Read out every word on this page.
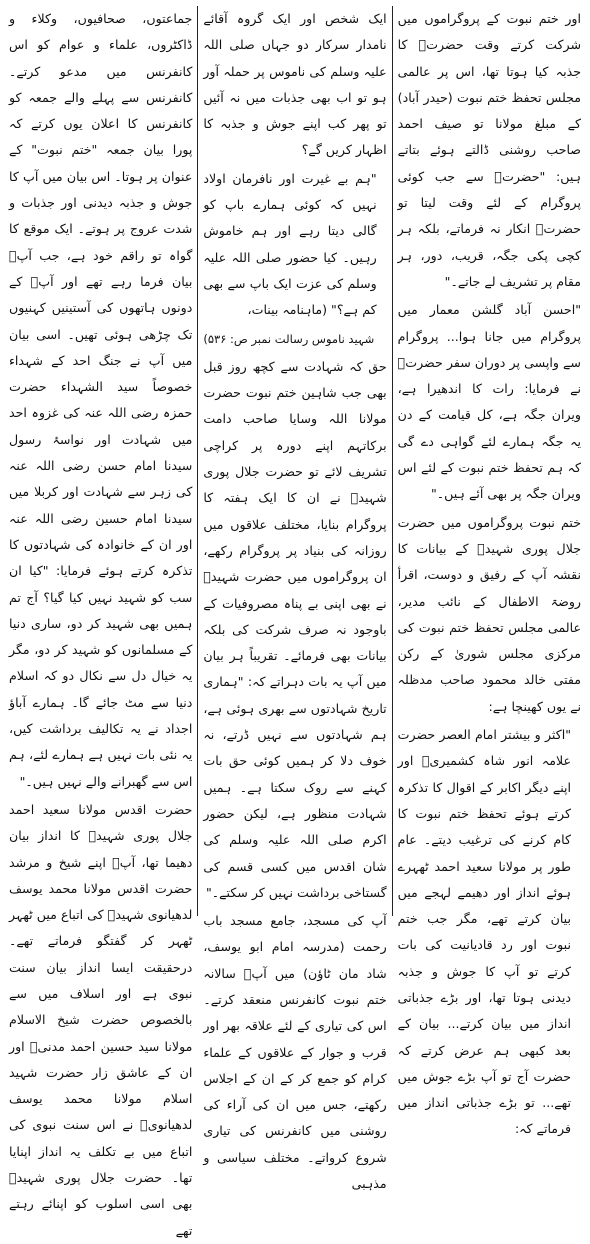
اور ختم نبوت کے پروگراموں میں شرکت کرتے وقت حضرتؒ کا جذبہ کیا ہوتا تھا، اس پر عالمی مجلس تحفظ ختم نبوت (حیدر آباد) کے مبلغ مولانا تو صیف احمد صاحب روشنی ڈالتے ہوئے بتاتے ہیں: "حضرتؒ سے جب کوئی پروگرام کے لئے وقت لیتا تو حضرتؒ انکار نہ فرماتے، بلکہ ہر کچی پکی جگہ، قریب، دور، ہر مقام پر تشریف لے جاتے۔"

"احسن آباد گلشن معمار میں پروگرام میں جانا ہوا... پروگرام سے واپسی پر دوران سفر حضرتؒ نے فرمایا: رات کا اندھیرا ہے، ویران جگہ ہے، کل قیامت کے دن یہ جگہ ہمارے لئے گواہی دے گی کہ ہم تحفظ ختم نبوت کے لئے اس ویران جگہ پر بھی آئے ہیں۔"

ختم نبوت پروگراموں میں حضرت جلال پوری شہیدؒ کے بیانات کا نقشہ آپ کے رفیق و دوست، اقرأ روضۃ الاطفال کے نائب مدیر، عالمی مجلس تحفظ ختم نبوت کی مرکزی مجلس شوریٰ کے رکن مفتی خالد محمود صاحب مدظلہ نے یوں کھینچا ہے:

"اکثر و بیشتر امام العصر حضرت علامہ انور شاہ کشمیریؒ اور اپنے دیگر اکابر کے اقوال کا تذکرہ کرتے ہوئے تحفظ ختم نبوت کا کام کرنے کی ترغیب دیتے۔ عام طور پر مولانا سعید احمد ٹھہرے ہوئے انداز اور دھیمے لہجے میں بیان کرتے تھے، مگر جب ختم نبوت اور رد قادیانیت کی بات کرتے تو آپ کا جوش و جذبہ دیدنی ہوتا تھا، اور بڑے جذباتی انداز میں بیان کرتے... بیان کے بعد کبھی ہم عرض کرتے کہ حضرت آج تو آپ بڑے جوش میں تھے... تو بڑے جذباتی انداز میں فرماتے کہ:

ایک شخص اور ایک گروہ آقائے نامدار سرکار دو جہاں صلی اللہ علیہ وسلم کی ناموس پر حملہ آور ہو تو اب بھی جذبات میں نہ آئیں تو پھر کب اپنے جوش و جذبہ کا اظہار کریں گے؟

"ہم بے غیرت اور نافرمان اولاد نہیں کہ کوئی ہمارے باپ کو گالی دیتا رہے اور ہم خاموش رہیں۔ کیا حضور صلی اللہ علیہ وسلم کی عزت ایک باپ سے بھی کم ہے؟" (ماہنامہ بینات،

شہید ناموس رسالت نمبر ص: ۵۳۶)

حق کہ شہادت سے کچھ روز قبل بھی جب شاہین ختم نبوت حضرت مولانا اللہ وسایا صاحب دامت برکاتہم اپنے دورہ پر کراچی تشریف لائے تو حضرت جلال پوری شہیدؒ نے ان کا ایک ہفتہ کا پروگرام بنایا، مختلف علاقوں میں روزانہ کی بنیاد پر پروگرام رکھے، ان پروگراموں میں حضرت شہیدؒ نے بھی اپنی بے پناہ مصروفیات کے باوجود نہ صرف شرکت کی بلکہ بیانات بھی فرمائے۔ تقریباً ہر بیان میں آپ یہ بات دہراتے کہ: "ہماری تاریخ شہادتوں سے بھری ہوئی ہے، ہم شہادتوں سے نہیں ڈرتے، نہ خوف دلا کر ہمیں کوئی حق بات کہنے سے روک سکتا ہے۔ ہمیں شہادت منظور ہے، لیکن حضور اکرم صلی اللہ علیہ وسلم کی شان اقدس میں کسی قسم کی گستاخی برداشت نہیں کر سکتے۔"

آپ کی مسجد، جامع مسجد باب رحمت (مدرسہ امام ابو یوسف، شاد مان ٹاؤن) میں آپؒ سالانہ ختم نبوت کانفرنس منعقد کرتے۔ اس کی تیاری کے لئے علاقہ بھر اور قرب و جوار کے علاقوں کے علماء کرام کو جمع کر کے ان کے اجلاس رکھتے، جس میں ان کی آراء کی روشنی میں کانفرنس کی تیاری شروع کرواتے۔ مختلف سیاسی و مذہبی

جماعتوں، صحافیوں، وکلاء و ڈاکٹروں، علماء و عوام کو اس کانفرنس میں مدعو کرتے۔ کانفرنس سے پہلے والے جمعہ کو کانفرنس کا اعلان یوں کرتے کہ پورا بیان جمعہ "ختم نبوت" کے عنوان پر ہوتا۔ اس بیان میں آپ کا جوش و جذبہ دیدنی اور جذبات و شدت عروج پر ہوتے۔ ایک موقع کا گواہ تو راقم خود ہے، جب آپؒ بیان فرما رہے تھے اور آپؒ کے دونوں ہاتھوں کی آستینیں کہنیوں تک چڑھی ہوئی تھیں۔ اسی بیان میں آپ نے جنگ احد کے شہداء خصوصاً سید الشہداء حضرت حمزہ رضی اللہ عنہ کی غزوہ احد میں شہادت اور نواسۂ رسول سیدنا امام حسن رضی اللہ عنہ کی زہر سے شہادت اور کربلا میں سیدنا امام حسین رضی اللہ عنہ اور ان کے خانوادہ کی شہادتوں کا تذکرہ کرتے ہوئے فرمایا: "کیا ان سب کو شہید نہیں کیا گیا؟ آج تم ہمیں بھی شہید کر دو، ساری دنیا کے مسلمانوں کو شہید کر دو، مگر یہ خیال دل سے نکال دو کہ اسلام دنیا سے مٹ جائے گا۔ ہمارے آباؤ اجداد نے یہ تکالیف برداشت کیں، یہ نئی بات نہیں ہے ہمارے لئے، ہم اس سے گھبرانے والے نہیں ہیں۔"

حضرت اقدس مولانا سعید احمد جلال پوری شہیدؒ کا انداز بیان دھیما تھا، آپؒ اپنے شیخ و مرشد حضرت اقدس مولانا محمد یوسف لدھیانوی شہیدؒ کی اتباع میں ٹھہر ٹھہر کر گفتگو فرماتے تھے۔ درحقیقت ایسا انداز بیان سنت نبوی ہے اور اسلاف میں سے بالخصوص حضرت شیخ الاسلام مولانا سید حسین احمد مدنیؒ اور ان کے عاشق زار حضرت شہید اسلام مولانا محمد یوسف لدھیانویؒ نے اس سنت نبوی کی اتباع میں بے تکلف یہ انداز اپنایا تھا۔ حضرت جلال پوری شہیدؒ بھی اسی اسلوب کو اپنائے رہتے تھے
